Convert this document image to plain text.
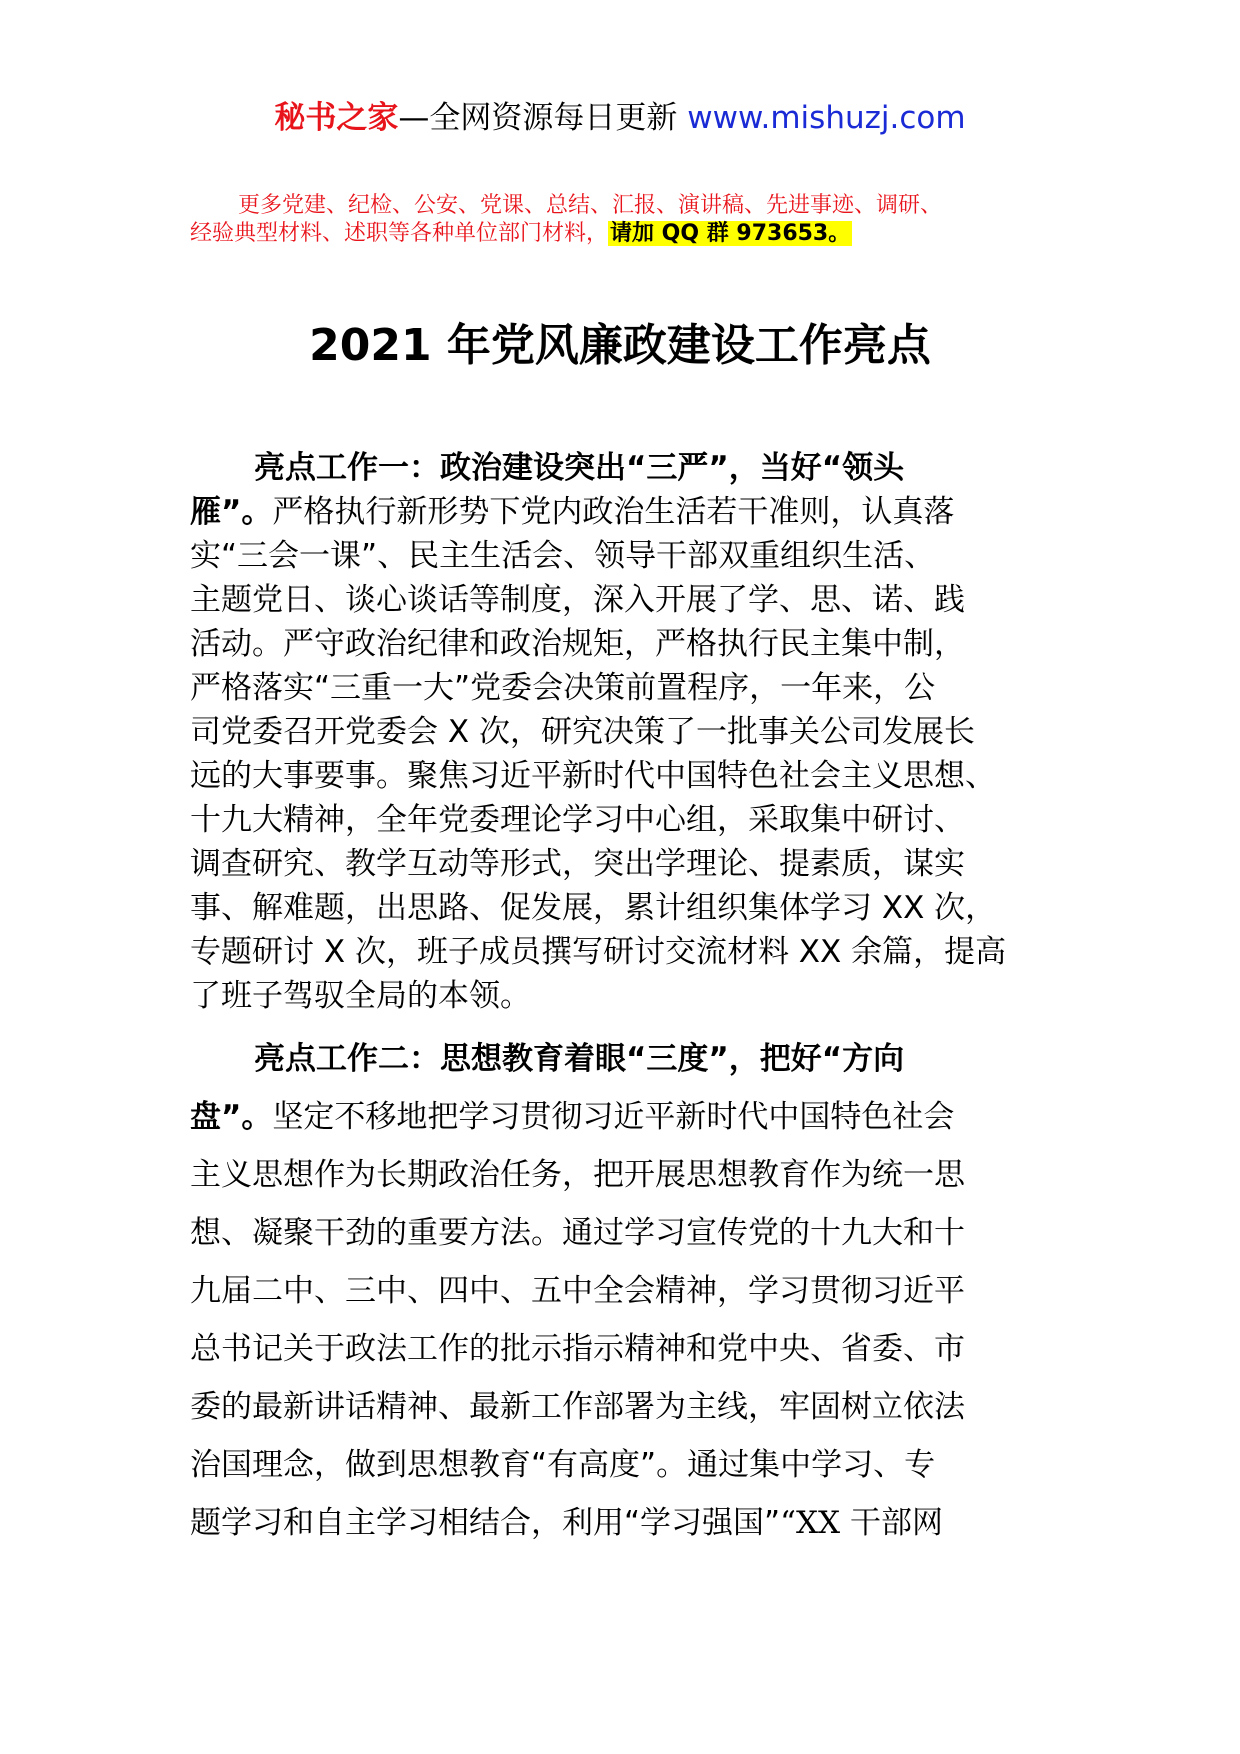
秘书之家—全网资源每日更新 www.mishuzj.com
更多党建、纪检、公安、党课、总结、汇报、演讲稿、先进事迹、调研、
经验典型材料、述职等各种单位部门材料，请加 QQ 群 973653。
2021 年党风廉政建设工作亮点
亮点工作一：政治建设突出“三严”，当好“领头
雁”。严格执行新形势下党内政治生活若干准则，认真落
实“三会一课”、民主生活会、领导干部双重组织生活、
主题党日、谈心谈话等制度，深入开展了学、思、诺、践
活动。严守政治纪律和政治规矩，严格执行民主集中制，
严格落实“三重一大”党委会决策前置程序，一年来，公
司党委召开党委会 X 次，研究决策了一批事关公司发展长
远的大事要事。聚焦习近平新时代中国特色社会主义思想、
十九大精神，全年党委理论学习中心组，采取集中研讨、
调查研究、教学互动等形式，突出学理论、提素质，谋实
事、解难题，出思路、促发展，累计组织集体学习 XX 次，
专题研讨 X 次，班子成员撰写研讨交流材料 XX 余篇，提高
了班子驾驭全局的本领。
亮点工作二：思想教育着眼“三度”，把好“方向
盘”。坚定不移地把学习贯彻习近平新时代中国特色社会
主义思想作为长期政治任务，把开展思想教育作为统一思
想、凝聚干劲的重要方法。通过学习宣传党的十九大和十
九届二中、三中、四中、五中全会精神，学习贯彻习近平
总书记关于政法工作的批示指示精神和党中央、省委、市
委的最新讲话精神、最新工作部署为主线，牢固树立依法
治国理念，做到思想教育“有高度”。通过集中学习、专
题学习和自主学习相结合，利用“学习强国”“XX 干部网
